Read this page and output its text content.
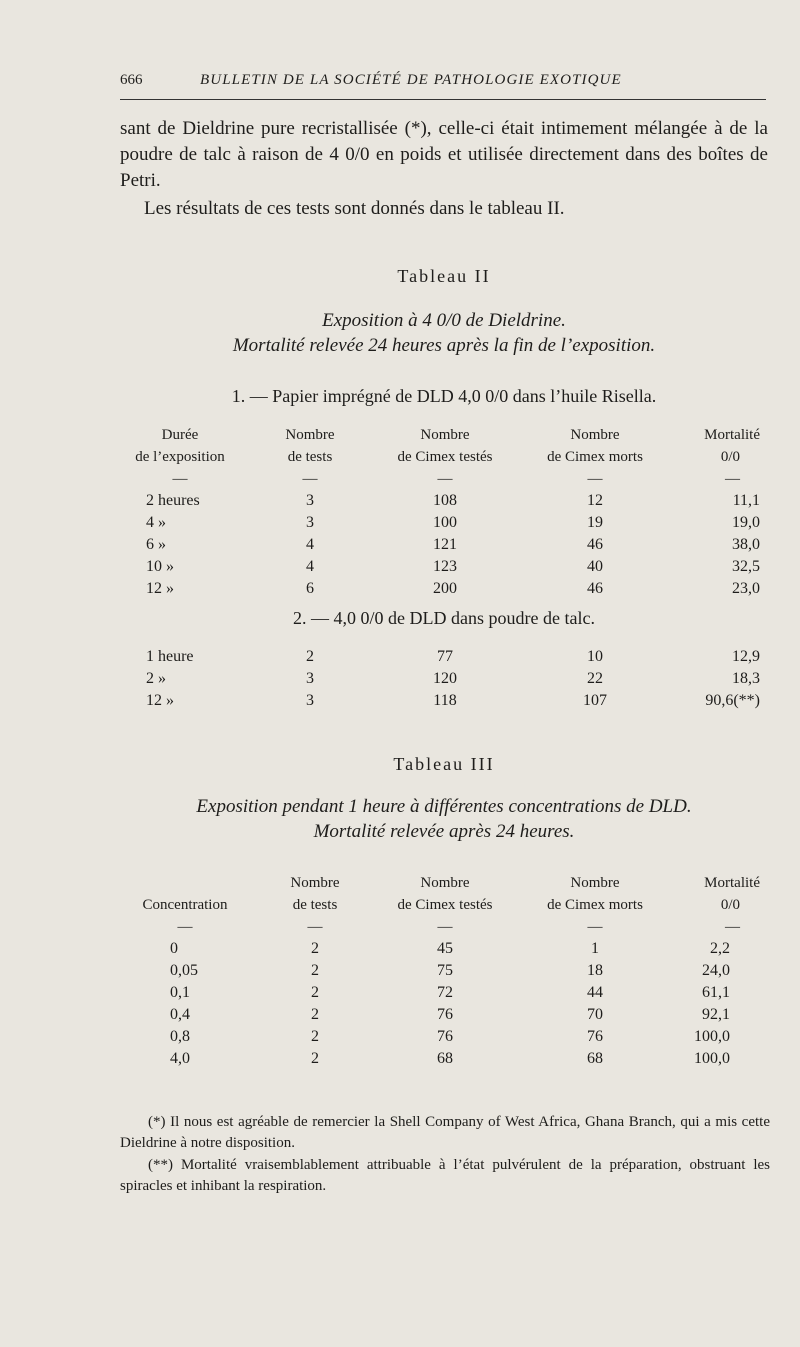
666	BULLETIN DE LA SOCIÉTÉ DE PATHOLOGIE EXOTIQUE

sant de Dieldrine pure recristallisée (*), celle-ci était intimement mélangée à de la poudre de talc à raison de 4 0/0 en poids et utilisée directement dans des boîtes de Petri.

Les résultats de ces tests sont donnés dans le tableau II.

Tableau II
Exposition à 4 0/0 de Dieldrine.
Mortalité relevée 24 heures après la fin de l’exposition.
1. — Papier imprégné de DLD 4,0 0/0 dans l’huile Risella.
Durée	Nombre	Nombre	Nombre	Mortalité
de l’exposition	de tests	de Cimex testés	de Cimex morts	0/0
—	—	—	—	—
2 heures	3	108	12	11,1
4 »	3	100	19	19,0
6 »	4	121	46	38,0
10 »	4	123	40	32,5
12 »	6	200	46	23,0
2. — 4,0 0/0 de DLD dans poudre de talc.
1 heure	2	77	10	12,9
2 »	3	120	22	18,3
12 »	3	118	107	90,6(**)
Tableau III
Exposition pendant 1 heure à différentes concentrations de DLD.
Mortalité relevée après 24 heures.
	Nombre	Nombre	Nombre	Mortalité
Concentration	de tests	de Cimex testés	de Cimex morts	0/0
—	—	—	—	—
0	2	45	1	2,2
0,05	2	75	18	24,0
0,1	2	72	44	61,1
0,4	2	76	70	92,1
0,8	2	76	76	100,0
4,0	2	68	68	100,0

(*) Il nous est agréable de remercier la Shell Company of West Africa, Ghana Branch, qui a mis cette Dieldrine à notre disposition.

(**) Mortalité vraisemblablement attribuable à l’état pulvérulent de la préparation, obstruant les spiracles et inhibant la respiration.
